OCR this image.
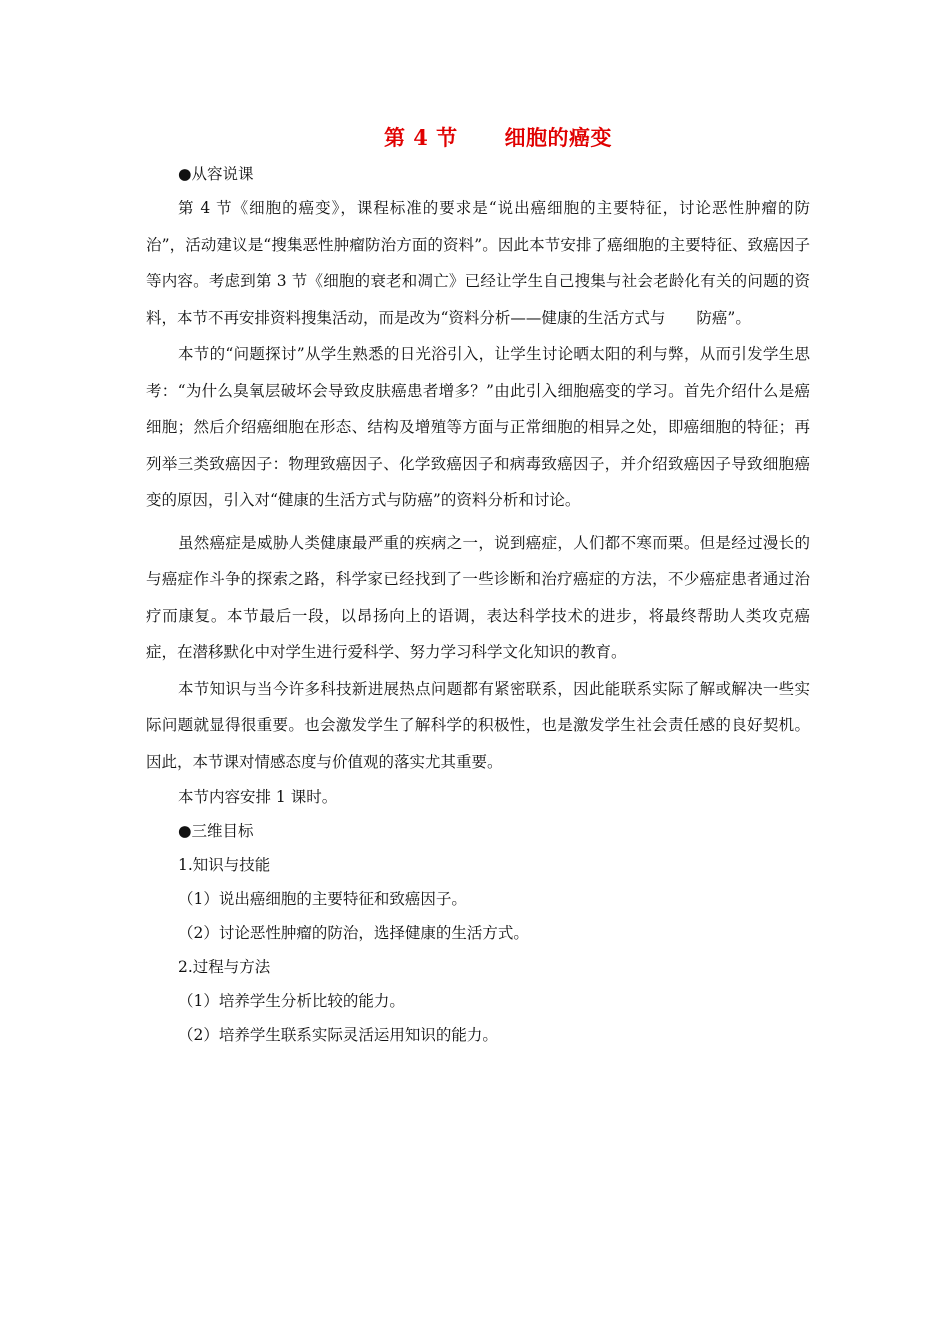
第 4 节      细胞的癌变
●从容说课

第 4 节《细胞的癌变》，课程标准的要求是“说出癌细胞的主要特征，讨论恶性肿瘤的防治”，活动建议是“搜集恶性肿瘤防治方面的资料”。因此本节安排了癌细胞的主要特征、致癌因子等内容。考虑到第 3 节《细胞的衰老和凋亡》已经让学生自己搜集与社会老龄化有关的问题的资料，本节不再安排资料搜集活动，而是改为“资料分析——健康的生活方式与　　防癌”。

本节的“问题探讨”从学生熟悉的日光浴引入，让学生讨论晒太阳的利与弊，从而引发学生思考：“为什么臭氧层破坏会导致皮肤癌患者增多？”由此引入细胞癌变的学习。首先介绍什么是癌细胞；然后介绍癌细胞在形态、结构及增殖等方面与正常细胞的相异之处，即癌细胞的特征；再列举三类致癌因子：物理致癌因子、化学致癌因子和病毒致癌因子，并介绍致癌因子导致细胞癌变的原因，引入对“健康的生活方式与防癌”的资料分析和讨论。

虽然癌症是威胁人类健康最严重的疾病之一，说到癌症，人们都不寒而栗。但是经过漫长的与癌症作斗争的探索之路，科学家已经找到了一些诊断和治疗癌症的方法，不少癌症患者通过治疗而康复。本节最后一段，以昂扬向上的语调，表达科学技术的进步，将最终帮助人类攻克癌症，在潜移默化中对学生进行爱科学、努力学习科学文化知识的教育。

本节知识与当今许多科技新进展热点问题都有紧密联系，因此能联系实际了解或解决一些实际问题就显得很重要。也会激发学生了解科学的积极性，也是激发学生社会责任感的良好契机。因此，本节课对情感态度与价值观的落实尤其重要。

本节内容安排 1 课时。
●三维目标
1.知识与技能
（1）说出癌细胞的主要特征和致癌因子。
（2）讨论恶性肿瘤的防治，选择健康的生活方式。
2.过程与方法
（1）培养学生分析比较的能力。
（2）培养学生联系实际灵活运用知识的能力。
